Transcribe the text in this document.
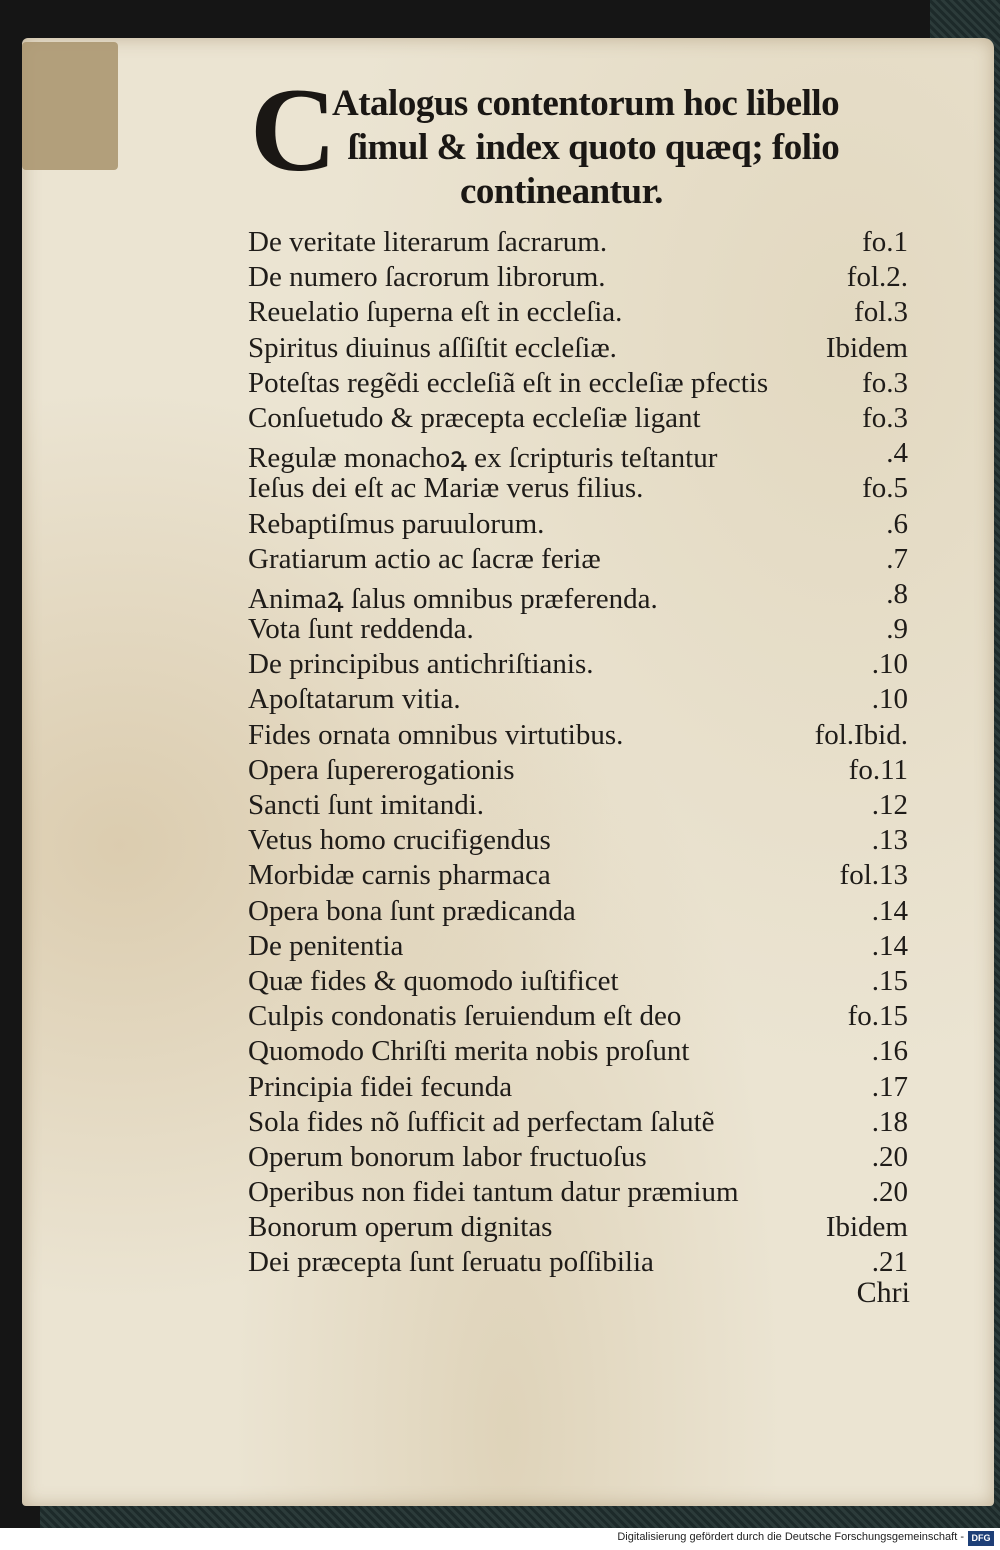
C
Atalogus contentorum hoc libello
ſimul & index quoto quæq; folio
contineantur.
De veritate literarum ſacrarum.	fo.1
De numero ſacrorum librorum.	fol.2.
Reuelatio ſuperna eſt in eccleſia.	fol.3
Spiritus diuinus aſſiſtit eccleſiæ.	Ibidem
Poteſtas regẽdi eccleſiã eſt in eccleſiæ pfectis	fo.3
Conſuetudo & præcepta eccleſiæ ligant	fo.3
Regulæ monachoꝝ ex ſcripturis teſtantur	.4
Ieſus dei eſt ac Mariæ verus filius.	fo.5
Rebaptiſmus paruulorum.	.6
Gratiarum actio ac ſacræ feriæ	.7
Animaꝝ ſalus omnibus præferenda.	.8
Vota ſunt reddenda.	.9
De principibus antichriſtianis.	.10
Apoſtatarum vitia.	.10
Fides ornata omnibus virtutibus.	fol.Ibid.
Opera ſupererogationis	fo.11
Sancti ſunt imitandi.	.12
Vetus homo crucifigendus	.13
Morbidæ carnis pharmaca	fol.13
Opera bona ſunt prædicanda	.14
De penitentia	.14
Quæ fides & quomodo iuſtificet	.15
Culpis condonatis ſeruiendum eſt deo	fo.15
Quomodo Chriſti merita nobis proſunt	.16
Principia fidei fecunda	.17
Sola fides nõ ſufficit ad perfectam ſalutẽ	.18
Operum bonorum labor fructuoſus	.20
Operibus non fidei tantum datur præmium	.20
Bonorum operum dignitas	Ibidem
Dei præcepta ſunt ſeruatu poſſibilia	.21
Chri
Digitalisierung gefördert durch die Deutsche Forschungsgemeinschaft - DFG
